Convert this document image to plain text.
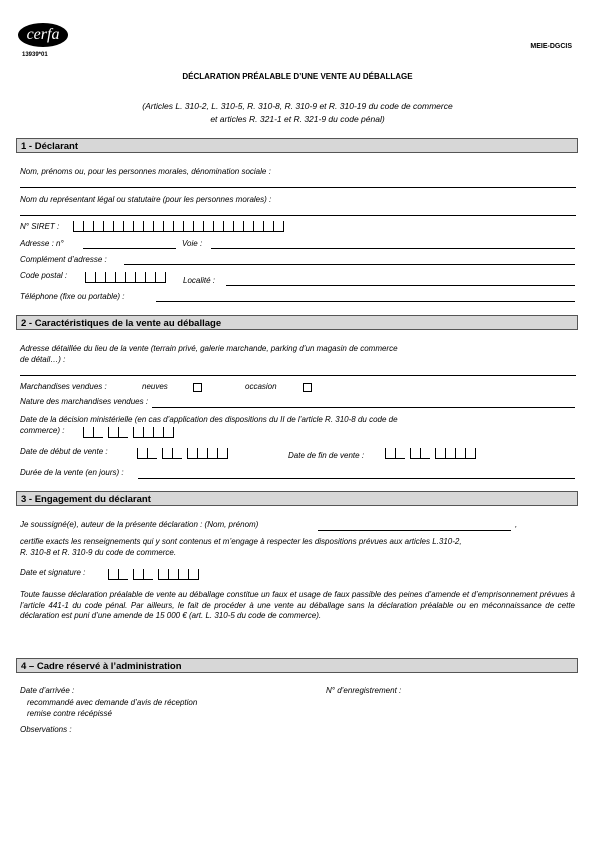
cerfa
13939*01
MEIE-DGCIS
DÉCLARATION PRÉALABLE D’UNE VENTE AU DÉBALLAGE
(Articles L. 310-2, L. 310-5, R. 310-8, R. 310-9 et R. 310-19 du code de commerce
et articles R. 321-1 et R. 321-9 du code pénal)
1 - Déclarant
Nom, prénoms ou, pour les personnes morales, dénomination sociale :
Nom du représentant légal ou statutaire (pour les personnes morales) :
N° SIRET :
Adresse : n°	Voie :
Complément d’adresse :
Code postal :
Localité :
Téléphone (fixe ou portable) :
2 - Caractéristiques de la vente au déballage
Adresse détaillée du lieu de la vente (terrain privé, galerie marchande, parking d’un magasin de commerce
de détail…) :
Marchandises vendues :	neuves	occasion
Nature des marchandises vendues :
Date de la décision ministérielle (en cas d’application des dispositions du II de l’article R. 310-8 du code de
commerce) :
Date de début de vente :	Date de fin de vente :
Durée de la vente (en jours) :
3 - Engagement du déclarant
Je soussigné(e), auteur de la présente déclaration : (Nom, prénom)	,
certifie exacts les renseignements qui y sont contenus et m’engage à respecter les dispositions prévues aux articles L.310-2,
R. 310-8 et R. 310-9 du code de commerce.
Date et signature :
Toute fausse déclaration préalable de vente au déballage constitue un faux et usage de faux passible des peines d’amende et d’emprisonnement prévues à l’article 441-1 du code pénal. Par ailleurs, le fait de procéder à une vente au déballage sans la déclaration préalable ou en méconnaissance de cette déclaration est puni d’une amende de 15 000 € (art. L. 310-5 du code de commerce).
4 – Cadre réservé à l’administration
Date d’arrivée :	N° d’enregistrement :
recommandé avec demande d’avis de réception
remise contre récépissé
Observations :
